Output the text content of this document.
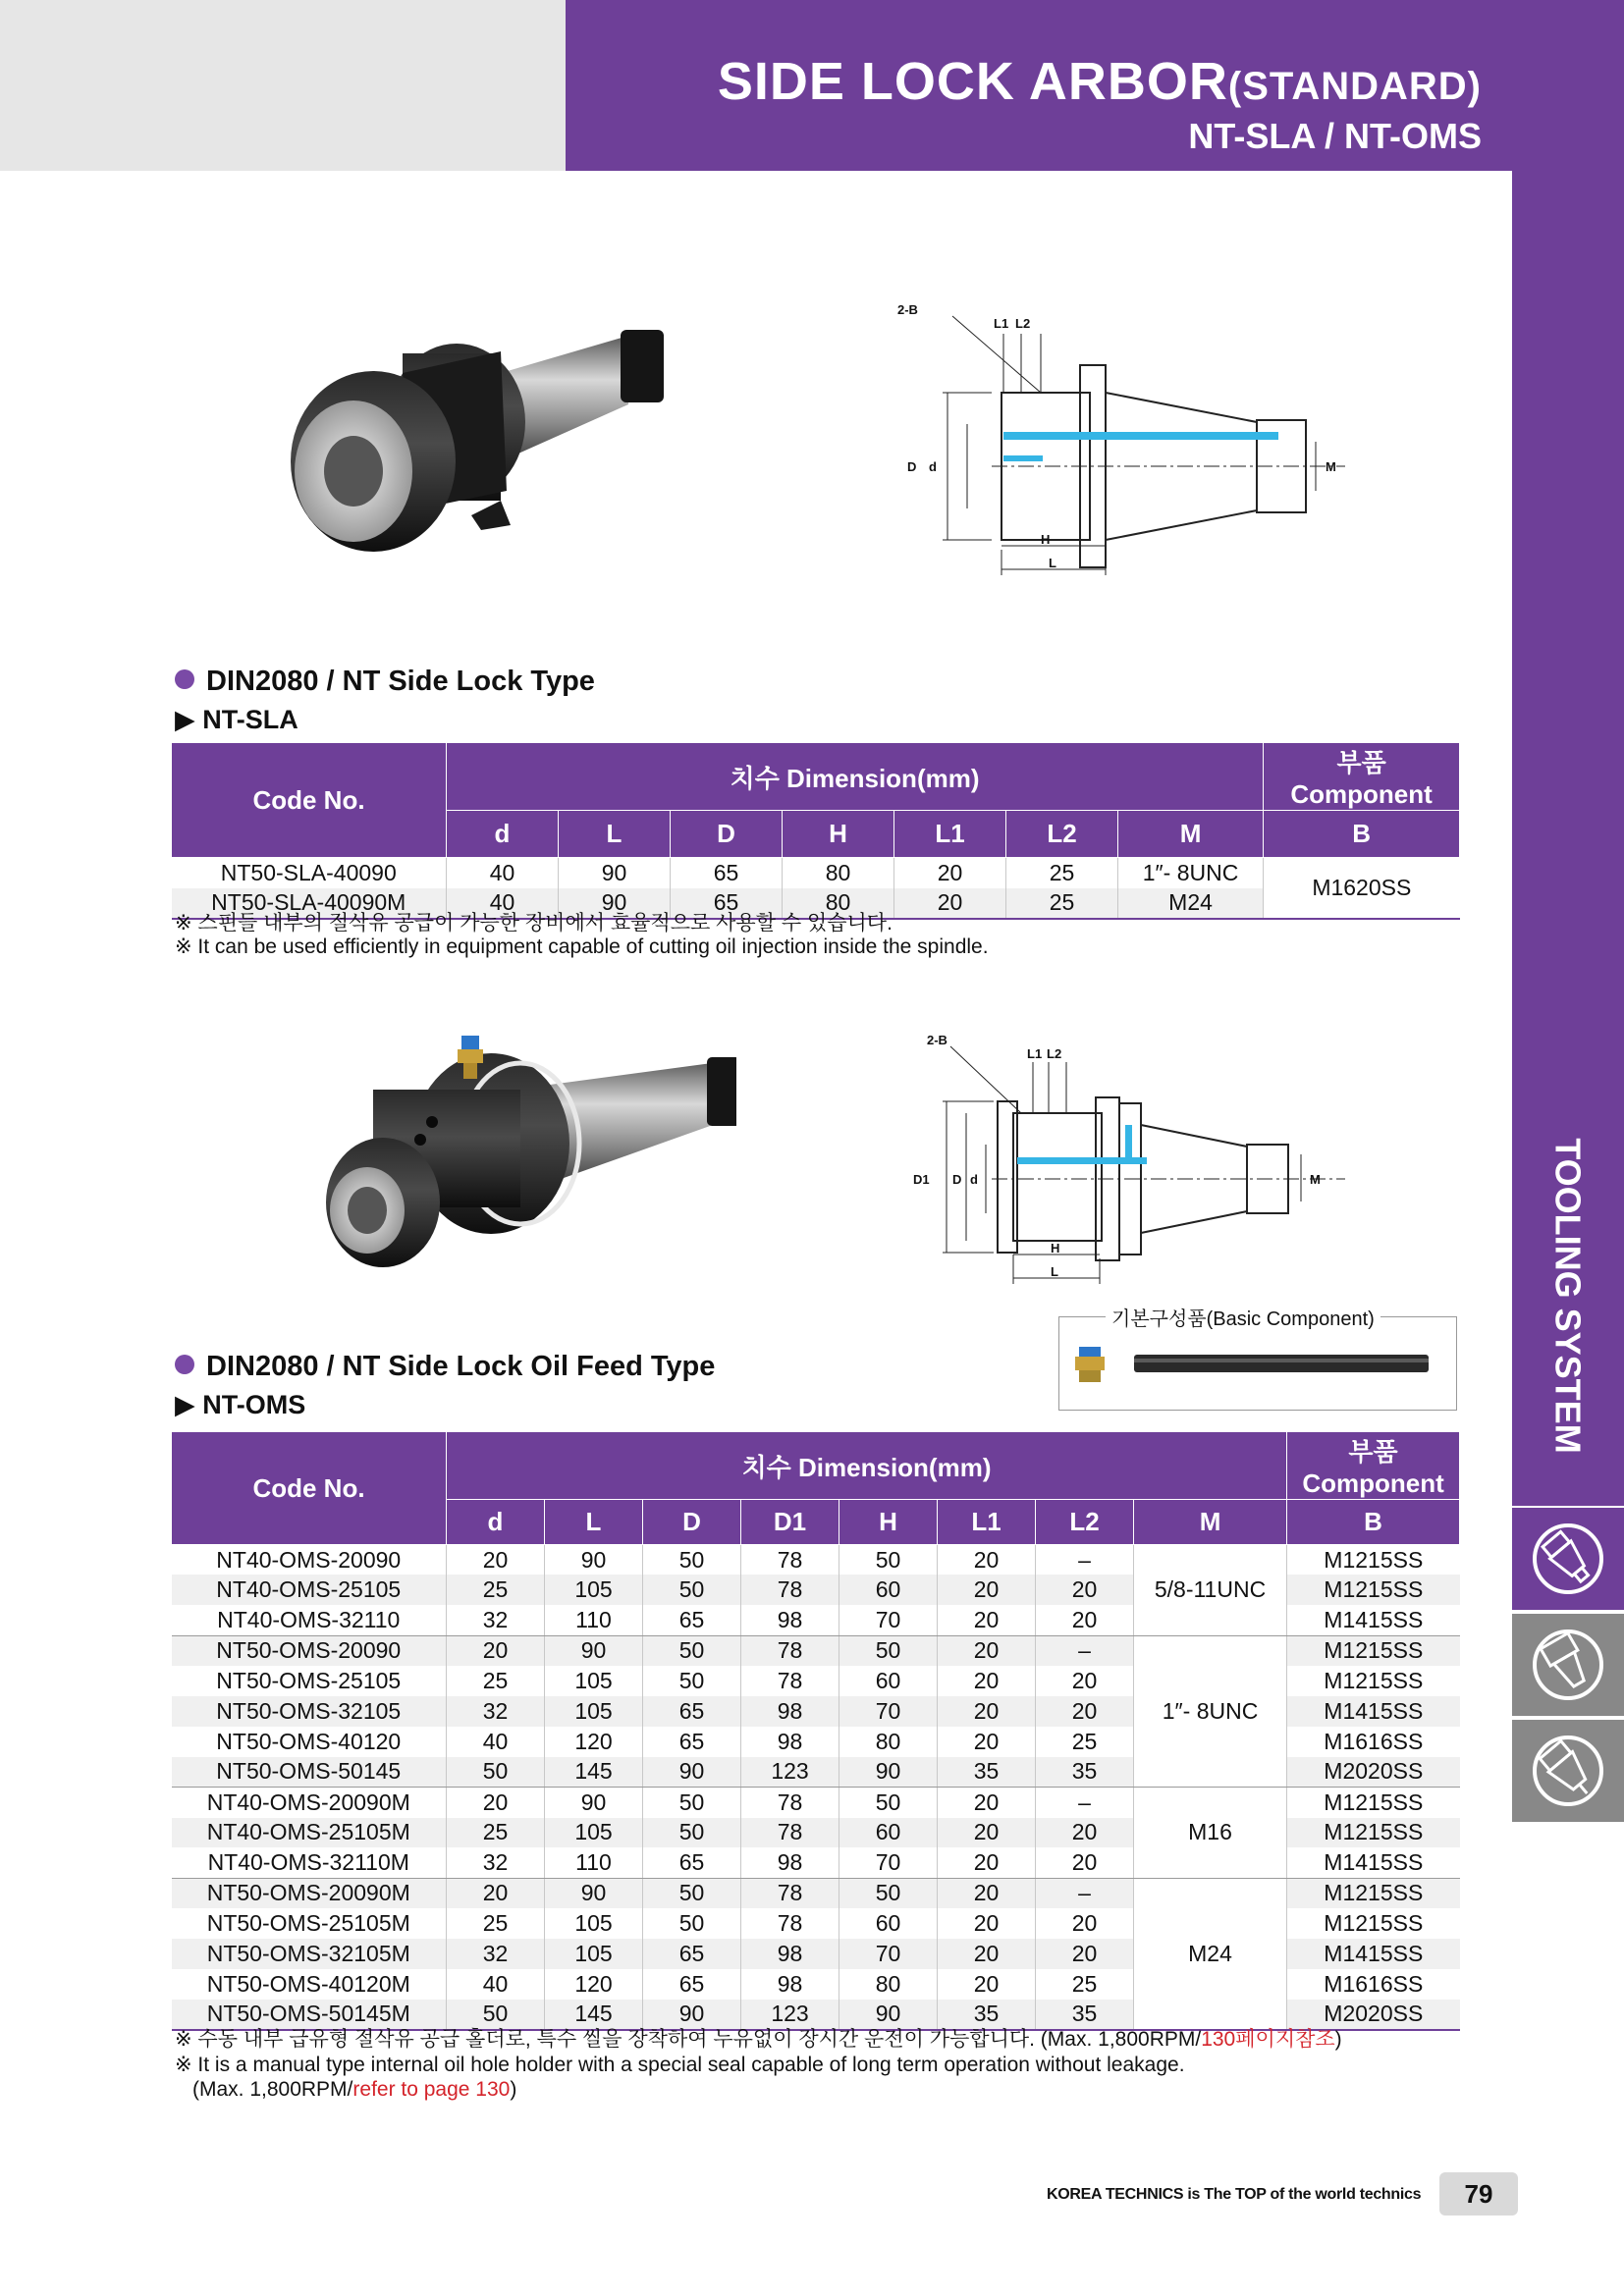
SIDE LOCK ARBOR(STANDARD)
NT-SLA / NT-OMS
TOOLING SYSTEM
2-B
L1 L2
D d
H
L
M
DIN2080 / NT Side Lock Type
▶ NT-SLA
Code No.	치수 Dimension(mm)							부품 Component
	d	L	D	H	L1	L2	M	B
NT50-SLA-40090	40	90	65	80	20	25	1″- 8UNC	M1620SS
NT50-SLA-40090M	40	90	65	80	20	25	M24	
※ 스핀들 내부의 절삭유 공급이 가능한 장비에서 효율적으로 사용할 수 있습니다.
※ It can be used efficiently in equipment capable of cutting oil injection inside the spindle.
2-B
L1 L2
D1 D d
H
L
M
기본구성품(Basic Component)
DIN2080 / NT Side Lock Oil Feed Type
▶ NT-OMS
Code No.	치수 Dimension(mm)								부품 Component
	d	L	D	D1	H	L1	L2	M	B
NT40-OMS-20090	20	90	50	78	50	20	–	5/8-11UNC	M1215SS
NT40-OMS-25105	25	105	50	78	60	20	20		M1215SS
NT40-OMS-32110	32	110	65	98	70	20	20		M1415SS
NT50-OMS-20090	20	90	50	78	50	20	–	1″- 8UNC	M1215SS
NT50-OMS-25105	25	105	50	78	60	20	20		M1215SS
NT50-OMS-32105	32	105	65	98	70	20	20		M1415SS
NT50-OMS-40120	40	120	65	98	80	20	25		M1616SS
NT50-OMS-50145	50	145	90	123	90	35	35		M2020SS
NT40-OMS-20090M	20	90	50	78	50	20	–	M16	M1215SS
NT40-OMS-25105M	25	105	50	78	60	20	20		M1215SS
NT40-OMS-32110M	32	110	65	98	70	20	20		M1415SS
NT50-OMS-20090M	20	90	50	78	50	20	–	M24	M1215SS
NT50-OMS-25105M	25	105	50	78	60	20	20		M1215SS
NT50-OMS-32105M	32	105	65	98	70	20	20		M1415SS
NT50-OMS-40120M	40	120	65	98	80	20	25		M1616SS
NT50-OMS-50145M	50	145	90	123	90	35	35		M2020SS
※ 수동 내부 급유형 절삭유 공급 홀더로, 특수 씰을 장착하여 누유없이 장시간 운전이 가능합니다. (Max. 1,800RPM/130페이지참조)
※ It is a manual type internal oil hole holder with a special seal capable of long term operation without leakage.
(Max. 1,800RPM/refer to page 130)
KOREA TECHNICS is The TOP of the world technics	79
